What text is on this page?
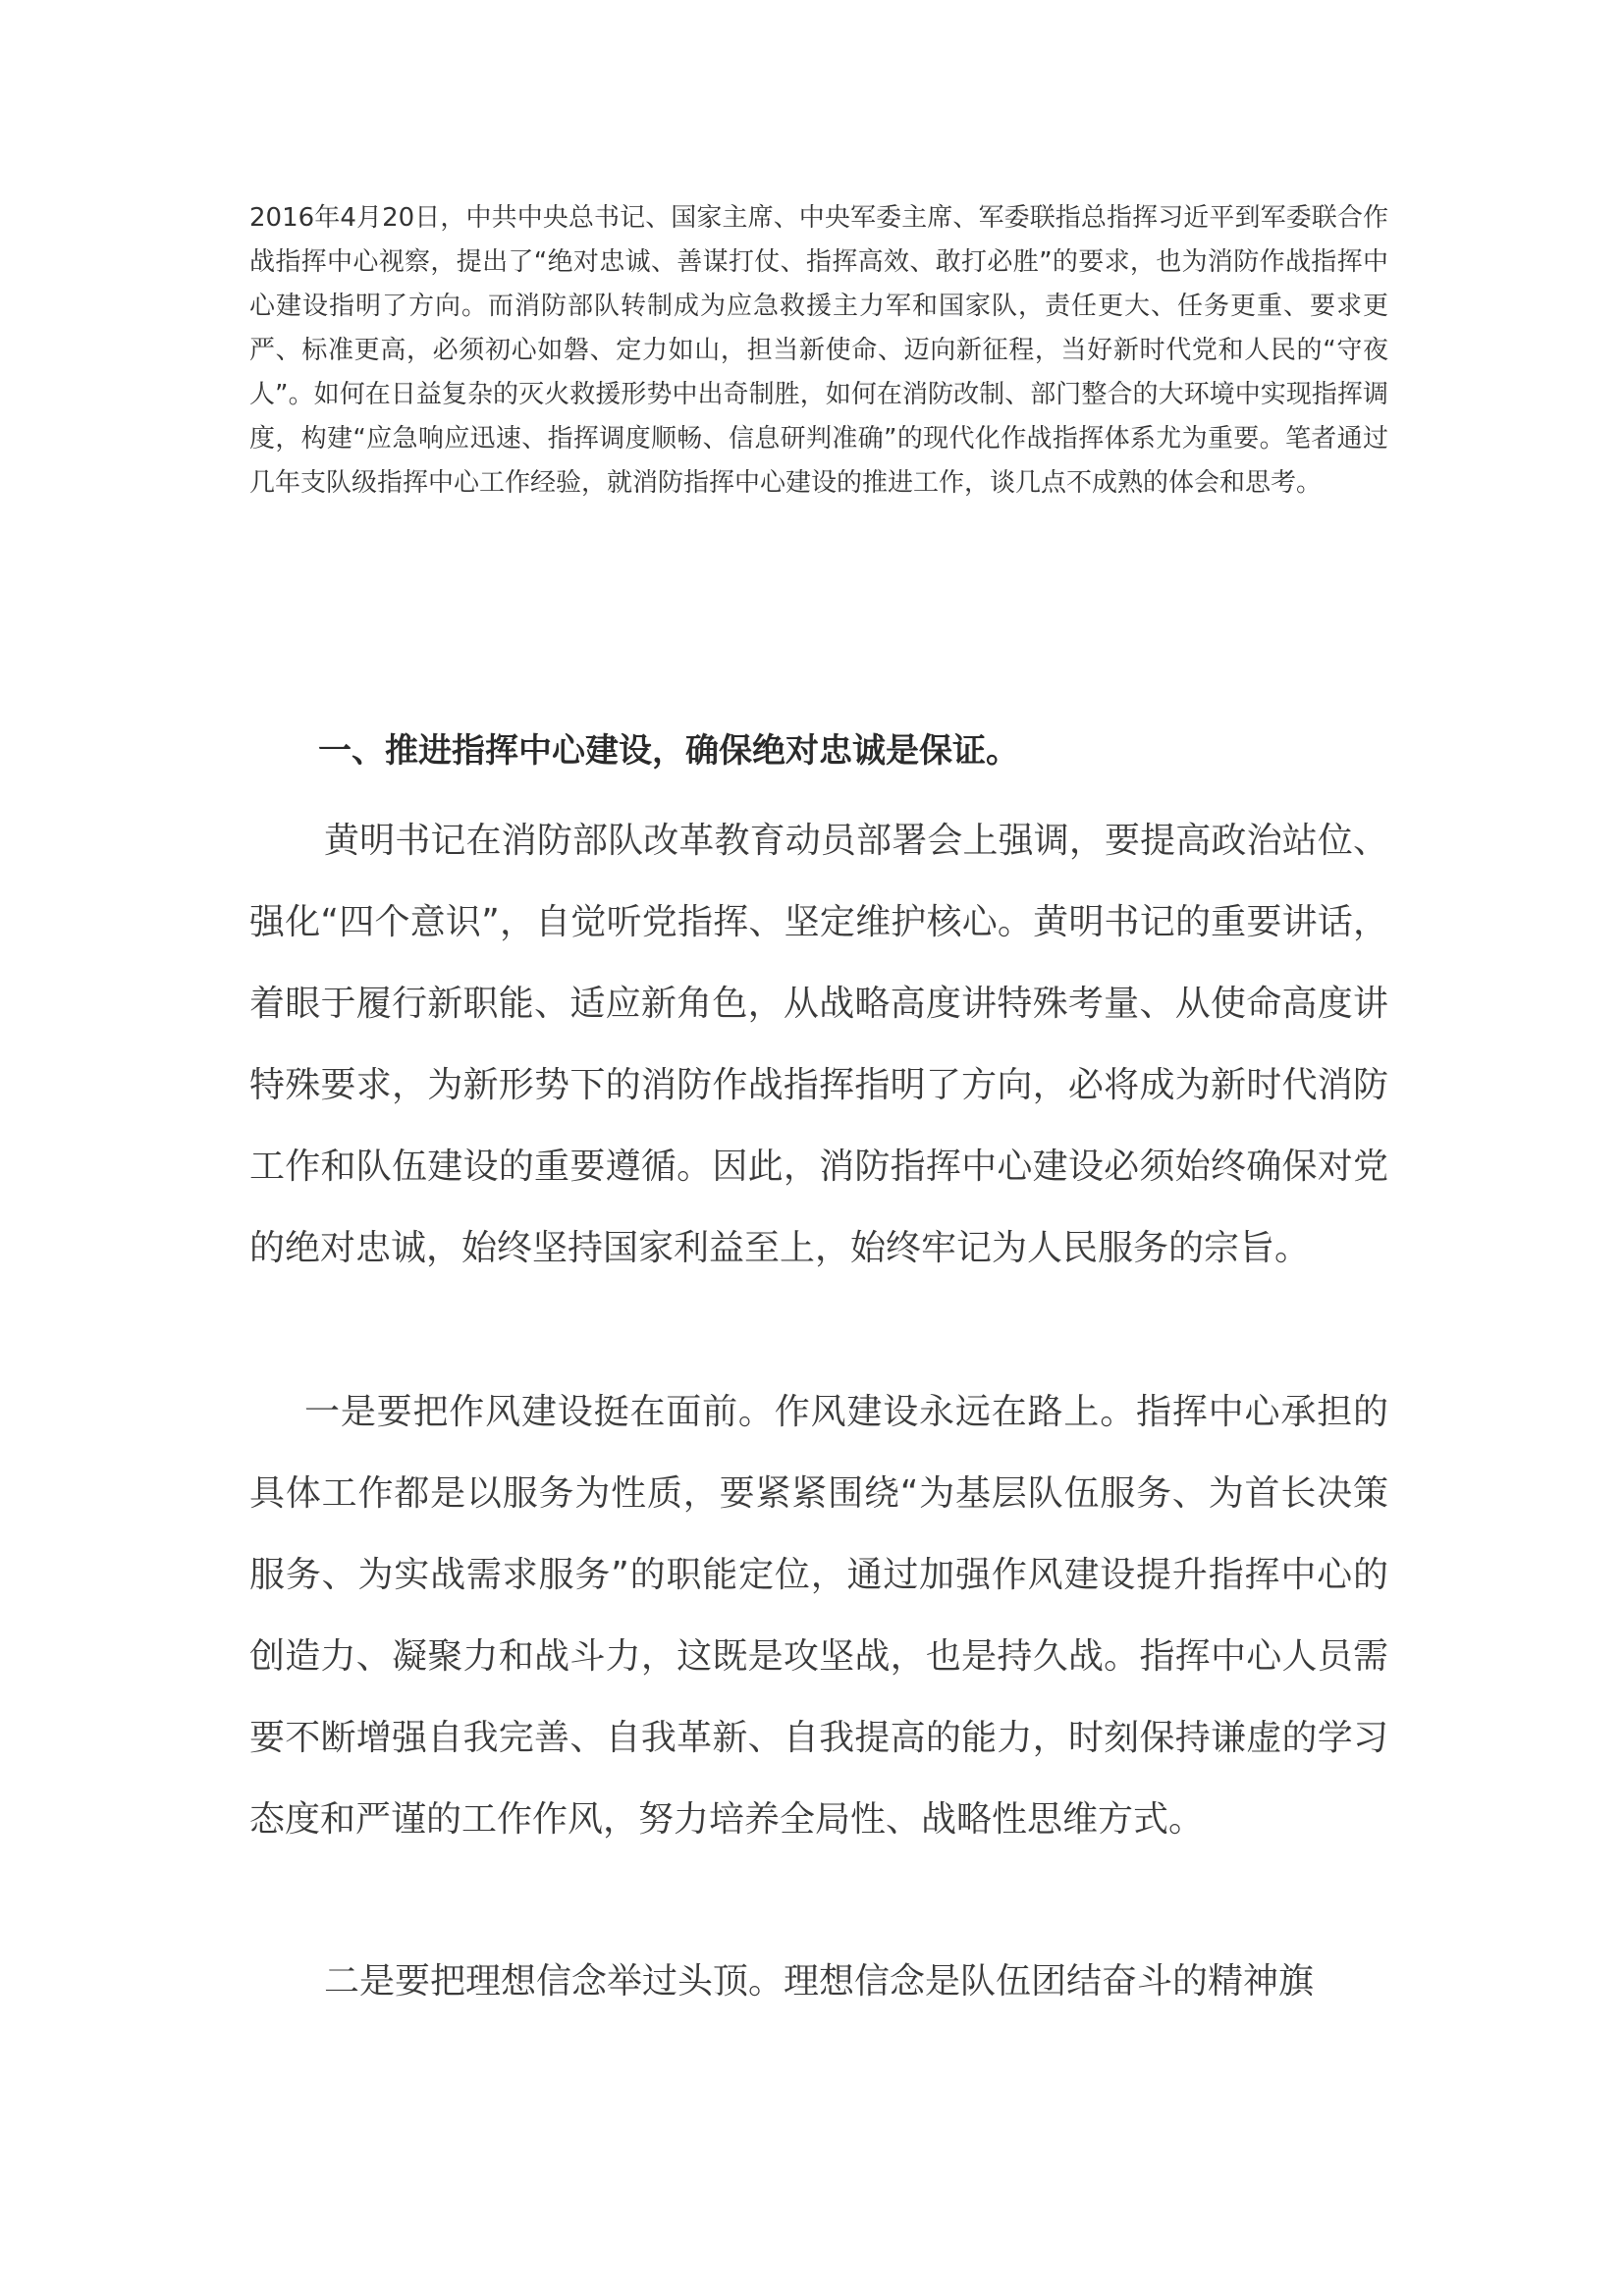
2016年4月20日，中共中央总书记、国家主席、中央军委主席、军委联指总指挥习近平到军委联合作战指挥中心视察，提出了“绝对忠诚、善谋打仗、指挥高效、敢打必胜”的要求，也为消防作战指挥中心建设指明了方向。而消防部队转制成为应急救援主力军和国家队，责任更大、任务更重、要求更严、标准更高，必须初心如磐、定力如山，担当新使命、迈向新征程，当好新时代党和人民的“守夜人”。如何在日益复杂的灭火救援形势中出奇制胜，如何在消防改制、部门整合的大环境中实现指挥调度，构建“应急响应迅速、指挥调度顺畅、信息研判准确”的现代化作战指挥体系尤为重要。笔者通过几年支队级指挥中心工作经验，就消防指挥中心建设的推进工作，谈几点不成熟的体会和思考。

一、推进指挥中心建设，确保绝对忠诚是保证。

黄明书记在消防部队改革教育动员部署会上强调，要提高政治站位、强化“四个意识”，自觉听党指挥、坚定维护核心。黄明书记的重要讲话，着眼于履行新职能、适应新角色，从战略高度讲特殊考量、从使命高度讲特殊要求，为新形势下的消防作战指挥指明了方向，必将成为新时代消防工作和队伍建设的重要遵循。因此，消防指挥中心建设必须始终确保对党的绝对忠诚，始终坚持国家利益至上，始终牢记为人民服务的宗旨。

一是要把作风建设挺在面前。作风建设永远在路上。指挥中心承担的具体工作都是以服务为性质，要紧紧围绕“为基层队伍服务、为首长决策服务、为实战需求服务”的职能定位，通过加强作风建设提升指挥中心的创造力、凝聚力和战斗力，这既是攻坚战，也是持久战。指挥中心人员需要不断增强自我完善、自我革新、自我提高的能力，时刻保持谦虚的学习态度和严谨的工作作风，努力培养全局性、战略性思维方式。

二是要把理想信念举过头顶。理想信念是队伍团结奋斗的精神旗
